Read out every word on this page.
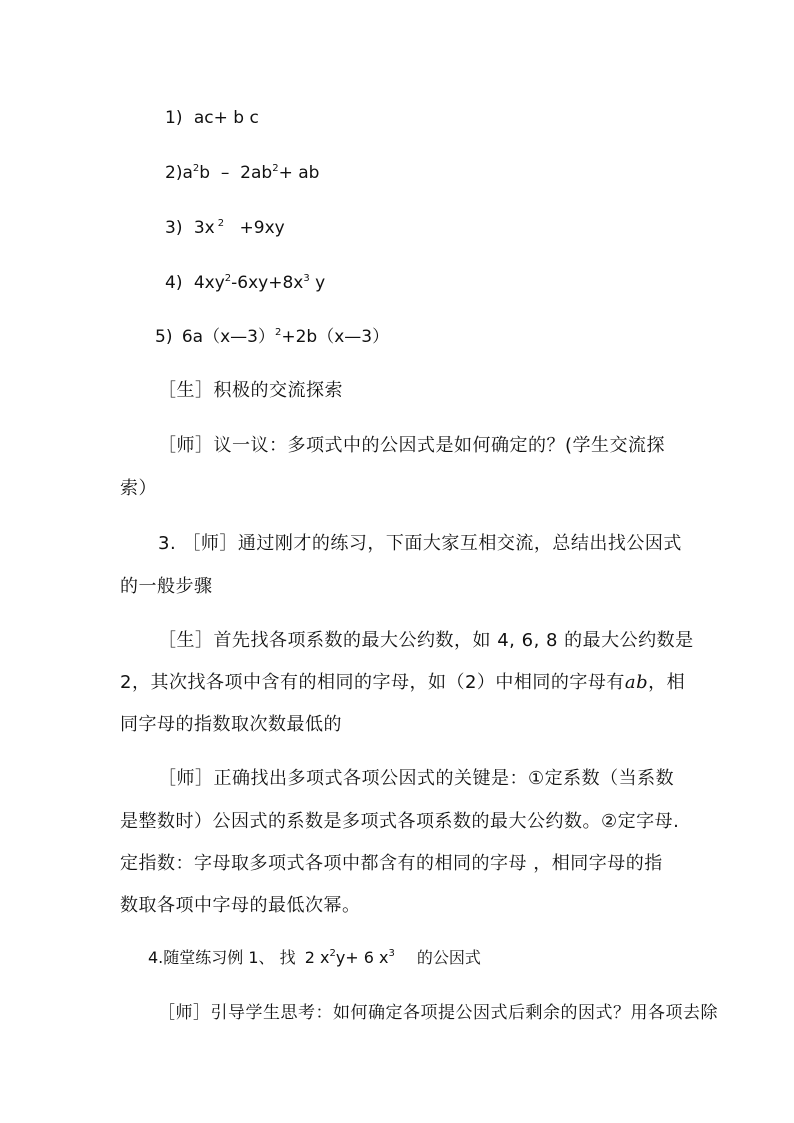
1) ac+ b c
$2)a^2b - 2ab^2+$ ab
3) 3x $^2$ +9xy
4) $4xy^2-6xy+8x^3$ y
5) 6a（x—3）$^2$+2b（x—3）
［生］积极的交流探索
［师］议一议：多项式中的公因式是如何确定的？(学生交流探
索）
3. ［师］通过刚才的练习，下面大家互相交流，总结出找公因式
的一般步骤
［生］首先找各项系数的最大公约数，如 4, 6, 8 的最大公约数是
2，其次找各项中含有的相同的字母，如（2）中相同的字母有ab，相
同字母的指数取次数最低的
［师］正确找出多项式各项公因式的关键是：①定系数（当系数
是整数时）公因式的系数是多项式各项系数的最大公约数。②定字母.
定指数：字母取多项式各项中都含有的相同的字母 ，相同字母的指
数取各项中字母的最低次幂。
4.随堂练习例 1、 找 2 $x^2y+ 6$ $x^3$ 的公因式
［师］引导学生思考：如何确定各项提公因式后剩余的因式？用各项去除
